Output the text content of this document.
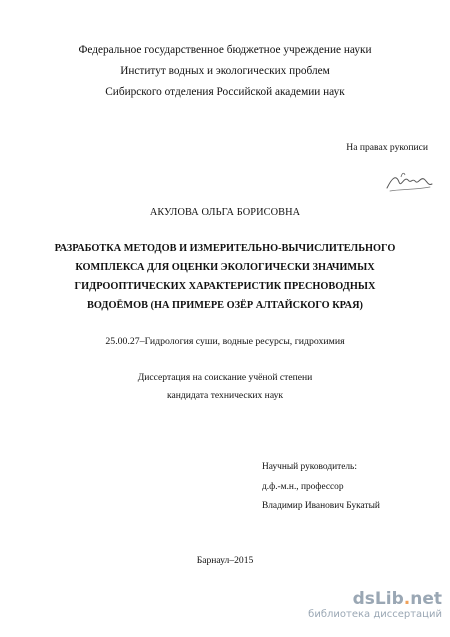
Федеральное государственное бюджетное учреждение науки
Институт водных и экологических проблем
Сибирского отделения Российской академии наук
На правах рукописи
АКУЛОВА ОЛЬГА БОРИСОВНА
РАЗРАБОТКА МЕТОДОВ И ИЗМЕРИТЕЛЬНО-ВЫЧИСЛИТЕЛЬНОГО
КОМПЛЕКСА ДЛЯ ОЦЕНКИ ЭКОЛОГИЧЕСКИ ЗНАЧИМЫХ
ГИДРООПТИЧЕСКИХ ХАРАКТЕРИСТИК ПРЕСНОВОДНЫХ
ВОДОЁМОВ (НА ПРИМЕРЕ ОЗЁР АЛТАЙСКОГО КРАЯ)
25.00.27–Гидрология суши, водные ресурсы, гидрохимия
Диссертация на соискание учёной степени
кандидата технических наук
Научный руководитель:
д.ф.-м.н., профессор
Владимир Иванович Букатый
Барнаул–2015
dsLib.net
библиотека диссертаций
